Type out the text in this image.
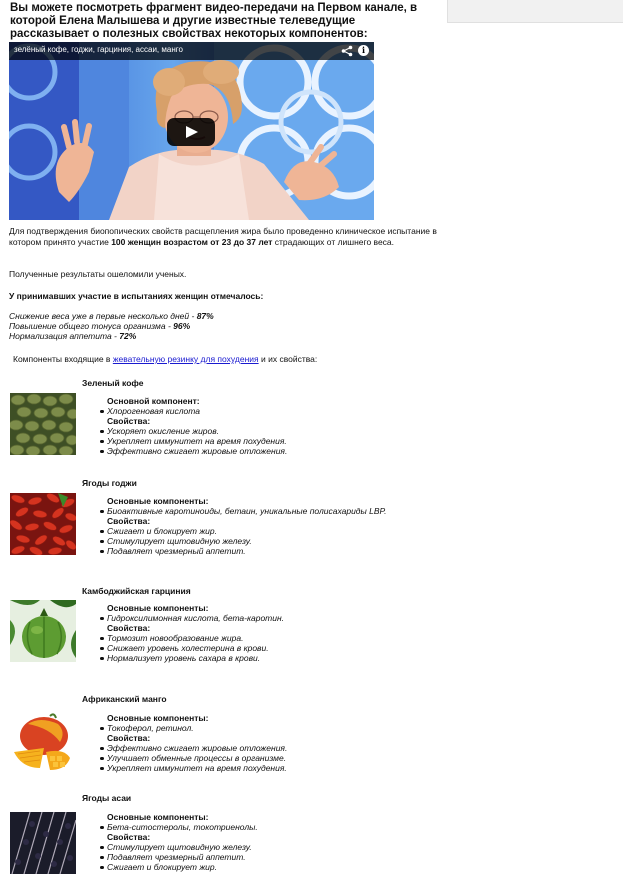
Вы можете посмотреть фрагмент видео-передачи на Первом канале, в которой Елена Малышева и другие известные телеведущие рассказывает о полезных свойствах некоторых компонентов:
зелёный кофе, годжи, гарциния, ассаи, манго	i
Для подтверждения биопопических свойств расщепления жира было проведенно клиническое испытание в котором принято участие 100 женщин возрастом от 23 до 37 лет страдающих от лишнего веса.
Полученные результаты ошеломили ученых.
У принимавших участие в испытаниях женщин отмечалось:
Снижение веса уже в первые несколько дней - 87%
Повышение общего тонуса организма - 96%
Нормализация аппетита - 72%
Компоненты входящие в жевательную резинку для похудения и их свойства:
Зеленый кофе
Основной компонент:
Хлорогеновая кислота
Свойства:
Ускоряет окисление жиров.
Укрепляет иммунитет на время похудения.
Эффективно сжигает жировые отложения.
Ягоды годжи
Основные компоненты:
Биоактивные каротиноиды, бетаин, уникальные полисахариды LBP.
Свойства:
Сжигает и блокирует жир.
Стимулирует щитовидную железу.
Подавляет чрезмерный аппетит.
Камбоджийская гарциния
Основные компоненты:
Гидроксилимонная кислота, бета-каротин.
Свойства:
Тормозит новообразование жира.
Снижает уровень холестерина в крови.
Нормализует уровень сахара в крови.
Африканский манго
Основные компоненты:
Токоферол, ретинол.
Свойства:
Эффективно сжигает жировые отложения.
Улучшает обменные процессы в организме.
Укрепляет иммунитет на время похудения.
Ягоды асаи
Основные компоненты:
Бета-ситостеролы, токотриенолы.
Свойства:
Стимулирует щитовидную железу.
Подавляет чрезмерный аппетит.
Сжигает и блокирует жир.
